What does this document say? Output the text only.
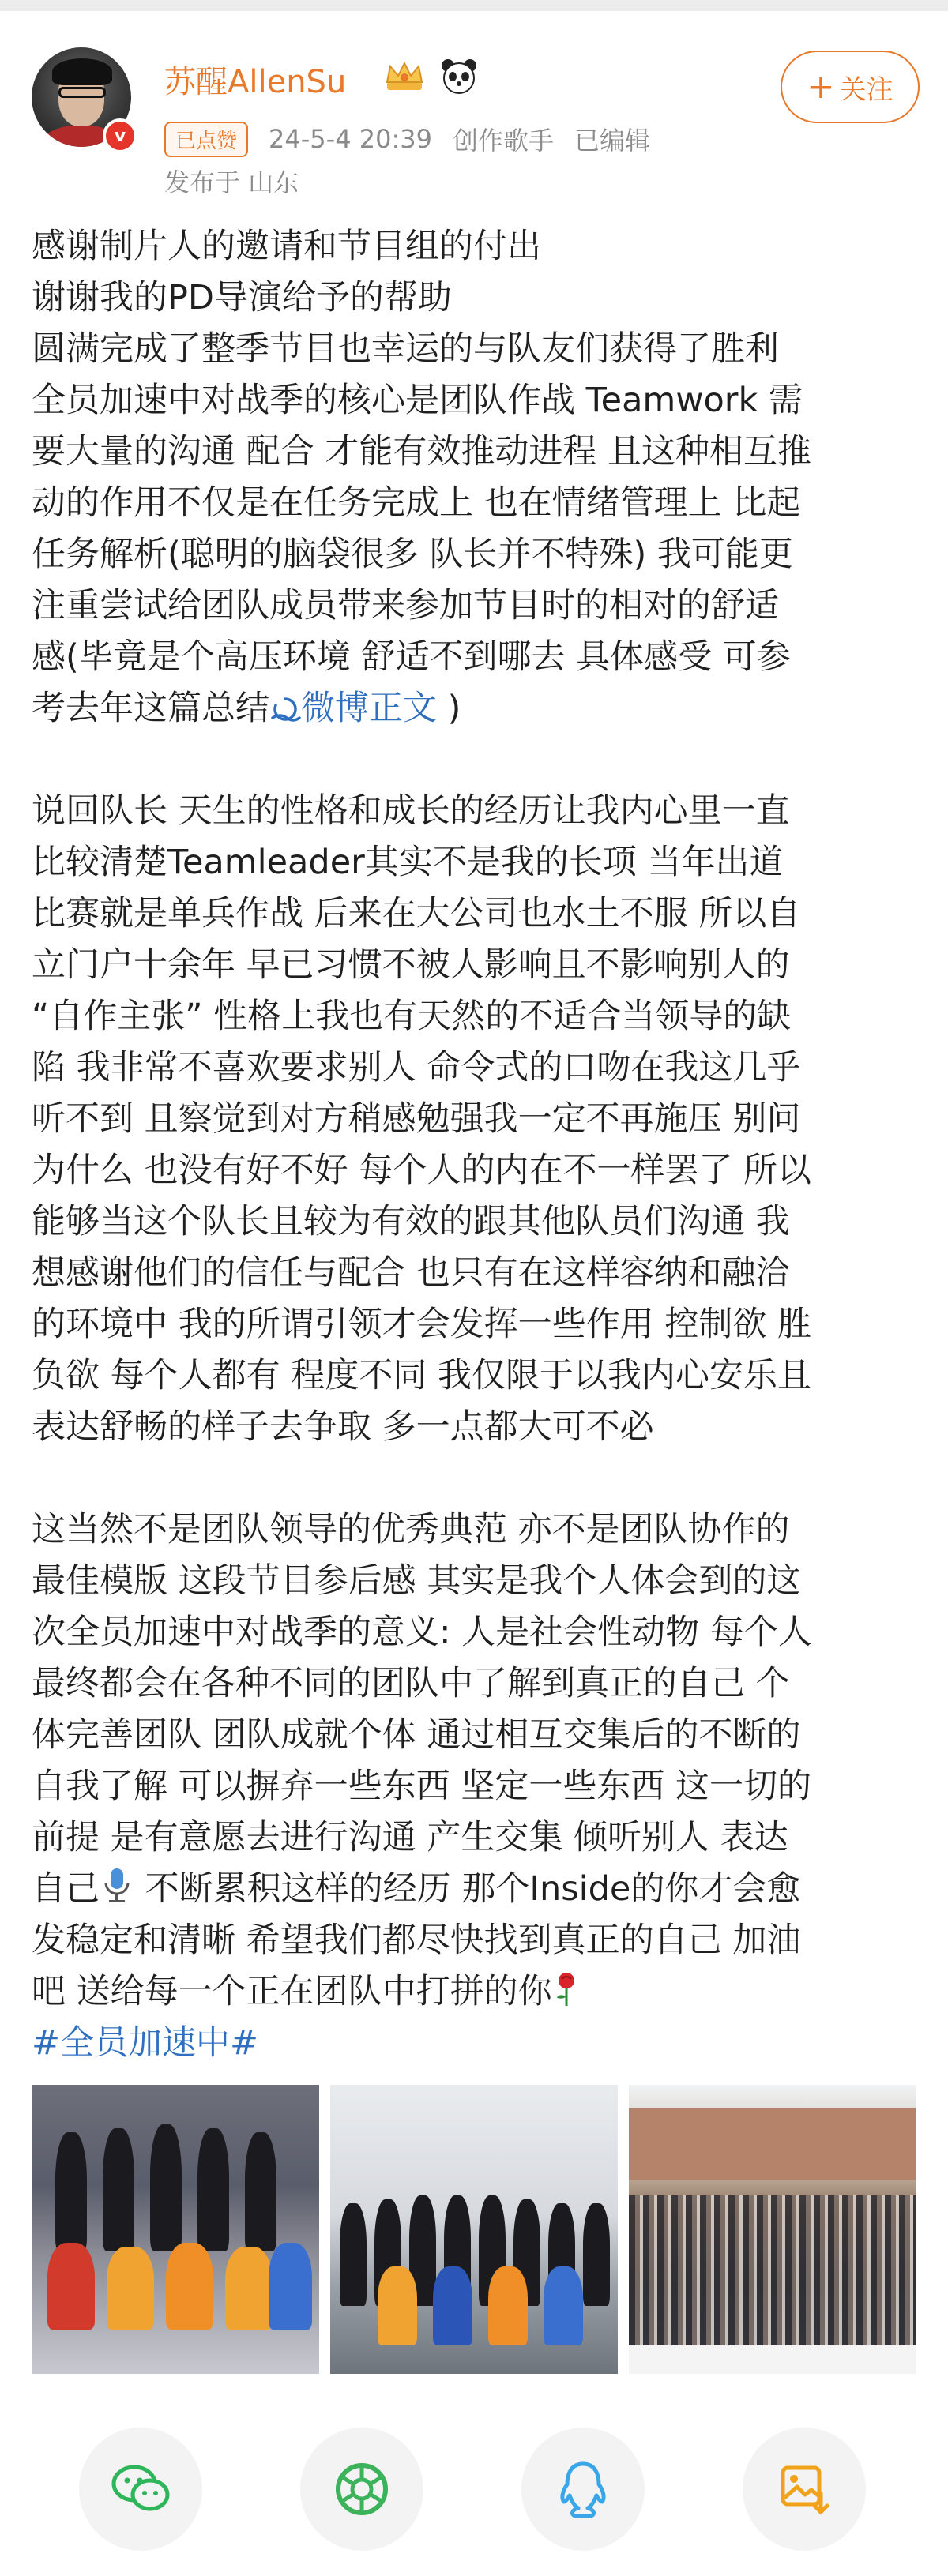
v
苏醒AllenSu
已点赞	24-5-4 20:39 创作歌手 已编辑
发布于 山东
+ 关注
感谢制片人的邀请和节目组的付出
谢谢我的PD导演给予的帮助
圆满完成了整季节目也幸运的与队友们获得了胜利
全员加速中对战季的核心是团队作战 Teamwork 需
要大量的沟通 配合 才能有效推动进程 且这种相互推
动的作用不仅是在任务完成上 也在情绪管理上 比起
任务解析(聪明的脑袋很多 队长并不特殊) 我可能更
注重尝试给团队成员带来参加节目时的相对的舒适
感(毕竟是个高压环境 舒适不到哪去 具体感受 可参
考去年这篇总结 微博正文 )
说回队长 天生的性格和成长的经历让我内心里一直
比较清楚Teamleader其实不是我的长项 当年出道
比赛就是单兵作战 后来在大公司也水土不服 所以自
立门户十余年 早已习惯不被人影响且不影响别人的
“自作主张” 性格上我也有天然的不适合当领导的缺
陷 我非常不喜欢要求别人 命令式的口吻在我这几乎
听不到 且察觉到对方稍感勉强我一定不再施压 别问
为什么 也没有好不好 每个人的内在不一样罢了 所以
能够当这个队长且较为有效的跟其他队员们沟通 我
想感谢他们的信任与配合 也只有在这样容纳和融洽
的环境中 我的所谓引领才会发挥一些作用 控制欲 胜
负欲 每个人都有 程度不同 我仅限于以我内心安乐且
表达舒畅的样子去争取 多一点都大可不必
这当然不是团队领导的优秀典范 亦不是团队协作的
最佳模版 这段节目参后感 其实是我个人体会到的这
次全员加速中对战季的意义: 人是社会性动物 每个人
最终都会在各种不同的团队中了解到真正的自己 个
体完善团队 团队成就个体 通过相互交集后的不断的
自我了解 可以摒弃一些东西 坚定一些东西 这一切的
前提 是有意愿去进行沟通 产生交集 倾听别人 表达
自己 不断累积这样的经历 那个Inside的你才会愈
发稳定和清晰 希望我们都尽快找到真正的自己 加油
吧 送给每一个正在团队中打拼的你
#全员加速中#
